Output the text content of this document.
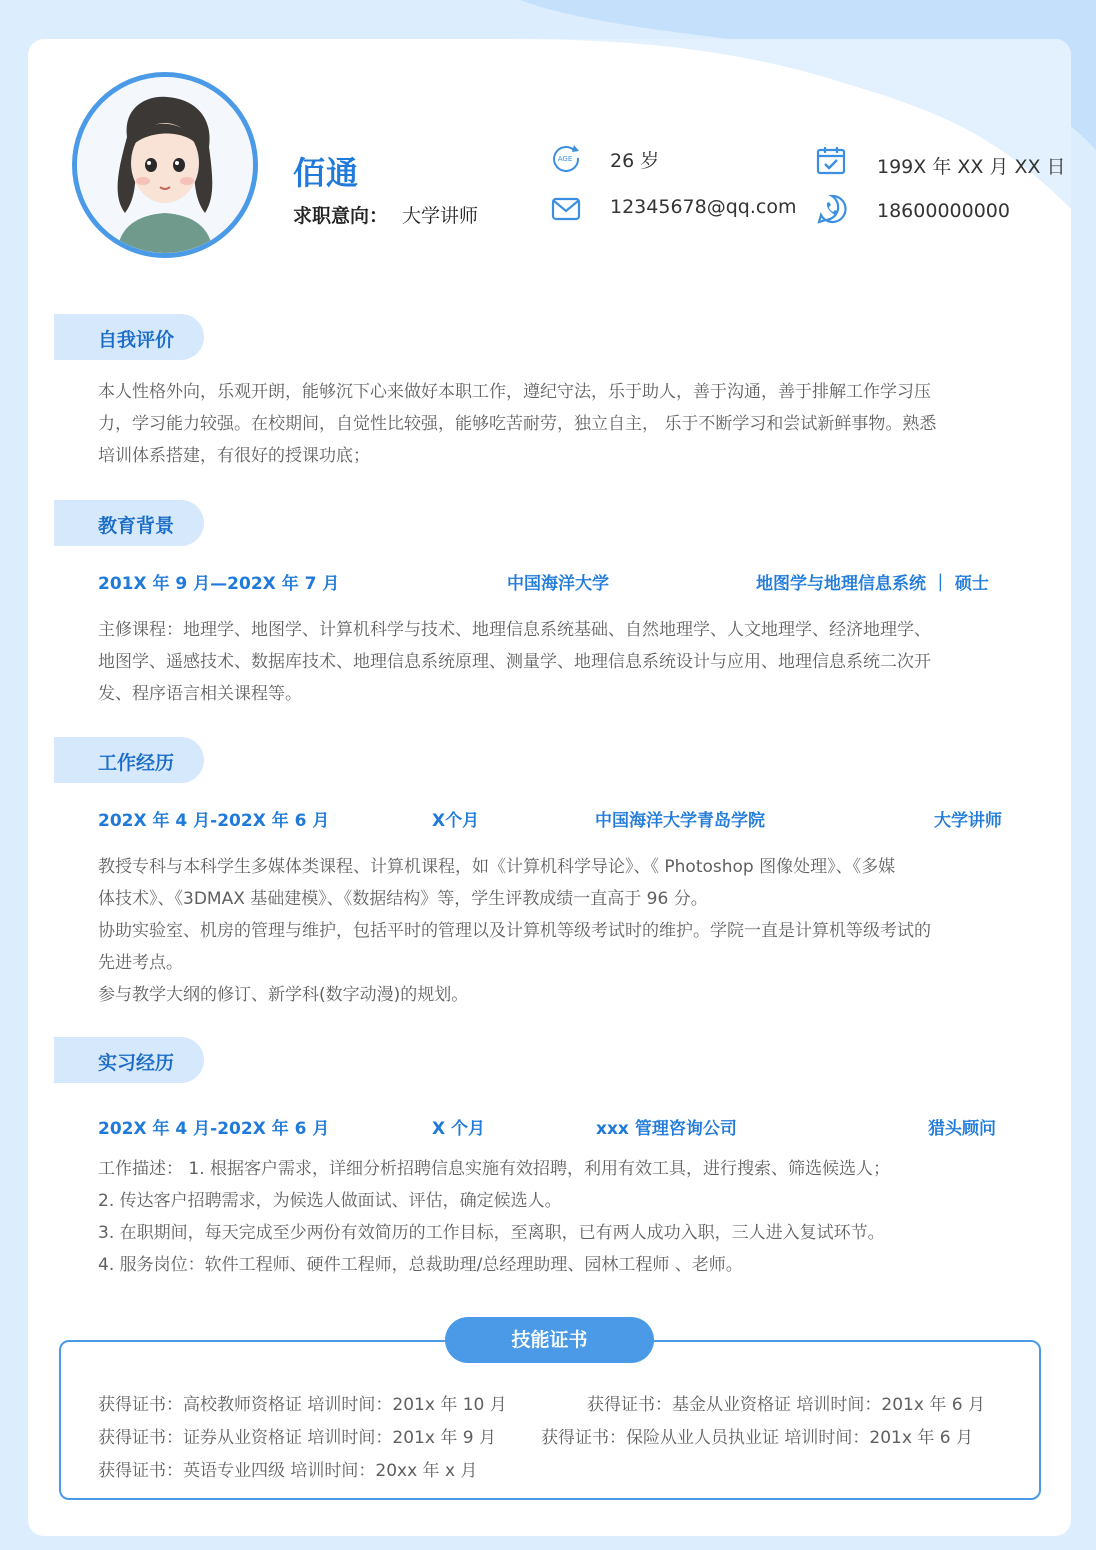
佰通
求职意向： 大学讲师
AGE 26 岁	199X 年 XX 月 XX 日
12345678@qq.com	18600000000
自我评价
本人性格外向，乐观开朗，能够沉下心来做好本职工作，遵纪守法，乐于助人，善于沟通，善于排解工作学习压
力，学习能力较强。在校期间，自觉性比较强，能够吃苦耐劳，独立自主， 乐于不断学习和尝试新鲜事物。熟悉
培训体系搭建，有很好的授课功底；
教育背景
201X 年 9 月—202X 年 7 月	中国海洋大学	地图学与地理信息系统 ｜ 硕士
主修课程：地理学、地图学、计算机科学与技术、地理信息系统基础、自然地理学、人文地理学、经济地理学、
地图学、遥感技术、数据库技术、地理信息系统原理、测量学、地理信息系统设计与应用、地理信息系统二次开
发、程序语言相关课程等。
工作经历
202X 年 4 月-202X 年 6 月	X个月	中国海洋大学青岛学院	大学讲师
教授专科与本科学生多媒体类课程、计算机课程，如《计算机科学导论》、《 Photoshop 图像处理》、《多媒
体技术》、《3DMAX 基础建模》、《数据结构》等，学生评教成绩一直高于 96 分。
协助实验室、机房的管理与维护，包括平时的管理以及计算机等级考试时的维护。学院一直是计算机等级考试的
先进考点。
参与教学大纲的修订、新学科(数字动漫)的规划。
实习经历
202X 年 4 月-202X 年 6 月	X 个月	xxx 管理咨询公司	猎头顾问
工作描述： 1. 根据客户需求，详细分析招聘信息实施有效招聘，利用有效工具，进行搜索、筛选候选人；
2. 传达客户招聘需求，为候选人做面试、评估，确定候选人。
3. 在职期间，每天完成至少两份有效简历的工作目标，至离职，已有两人成功入职，三人进入复试环节。
4. 服务岗位：软件工程师、硬件工程师，总裁助理/总经理助理、园林工程师 、老师。
技能证书
获得证书：高校教师资格证 培训时间：201x 年 10 月	获得证书：基金从业资格证 培训时间：201x 年 6 月
获得证书：证券从业资格证 培训时间：201x 年 9 月	获得证书：保险从业人员执业证 培训时间：201x 年 6 月
获得证书：英语专业四级 培训时间：20xx 年 x 月
